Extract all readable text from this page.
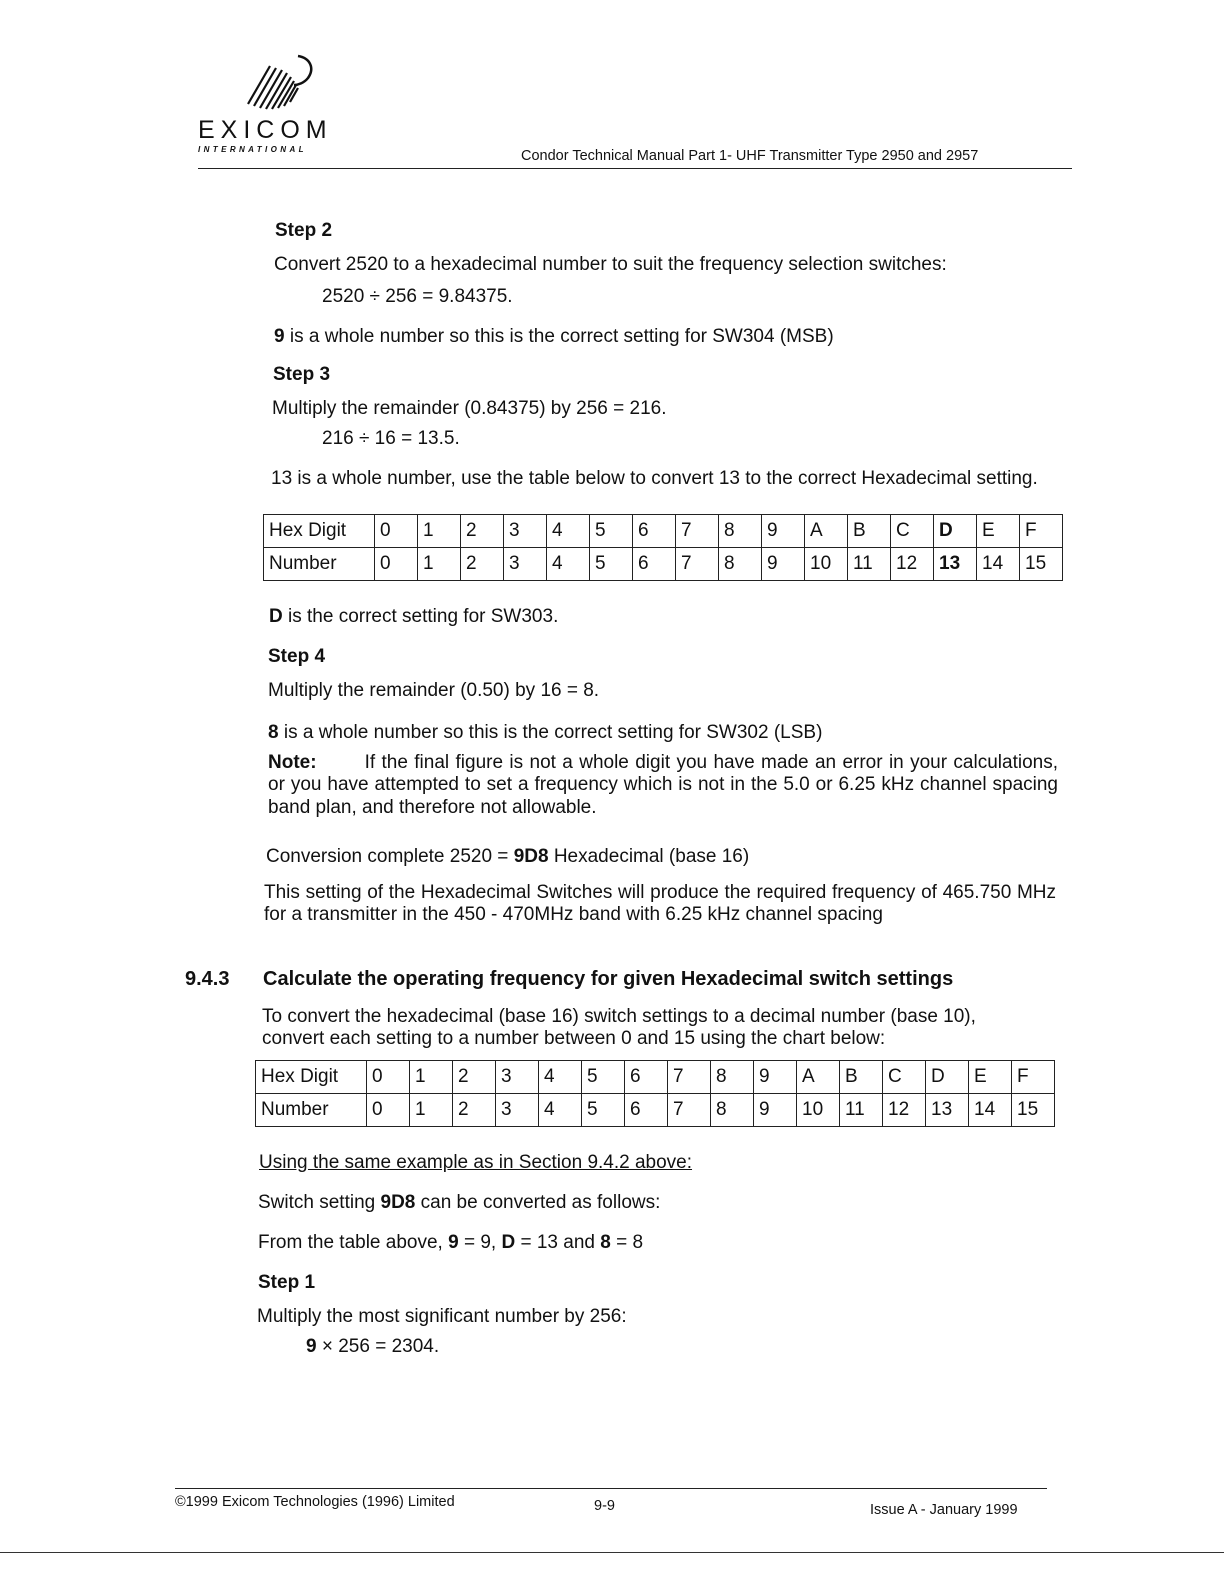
EXICOM
INTERNATIONAL	Condor Technical Manual Part 1- UHF Transmitter Type 2950 and 2957
Step 2
Convert 2520 to a hexadecimal number to suit the frequency selection switches:
2520 ÷ 256 = 9.84375.
9 is a whole number so this is the correct setting for SW304 (MSB)
Step 3
Multiply the remainder (0.84375) by 256 = 216.
216 ÷ 16 = 13.5.
13 is a whole number, use the table below to convert 13 to the correct Hexadecimal setting.
Hex Digit	0	1	2	3	4	5	6	7	8	9	A	B	C	D	E	F
Number	0	1	2	3	4	5	6	7	8	9	10	11	12	13	14	15
D is the correct setting for SW303.
Step 4
Multiply the remainder (0.50) by 16 = 8.
8 is a whole number so this is the correct setting for SW302 (LSB)
Note:	If the final figure is not a whole digit you have made an error in your calculations, or you have attempted to set a frequency which is not in the 5.0 or 6.25 kHz channel spacing band plan, and therefore not allowable.
Conversion complete 2520 = 9D8 Hexadecimal (base 16)
This setting of the Hexadecimal Switches will produce the required frequency of 465.750 MHz for a transmitter in the 450 - 470MHz band with 6.25 kHz channel spacing
9.4.3 Calculate the operating frequency for given Hexadecimal switch settings
To convert the hexadecimal (base 16) switch settings to a decimal number (base 10),
convert each setting to a number between 0 and 15 using the chart below:
Hex Digit	0	1	2	3	4	5	6	7	8	9	A	B	C	D	E	F
Number	0	1	2	3	4	5	6	7	8	9	10	11	12	13	14	15
Using the same example as in Section 9.4.2 above:
Switch setting 9D8 can be converted as follows:
From the table above, 9 = 9, D = 13 and 8 = 8
Step 1
Multiply the most significant number by 256:
9 × 256 = 2304.
©1999 Exicom Technologies (1996) Limited	9-9	Issue A - January 1999
